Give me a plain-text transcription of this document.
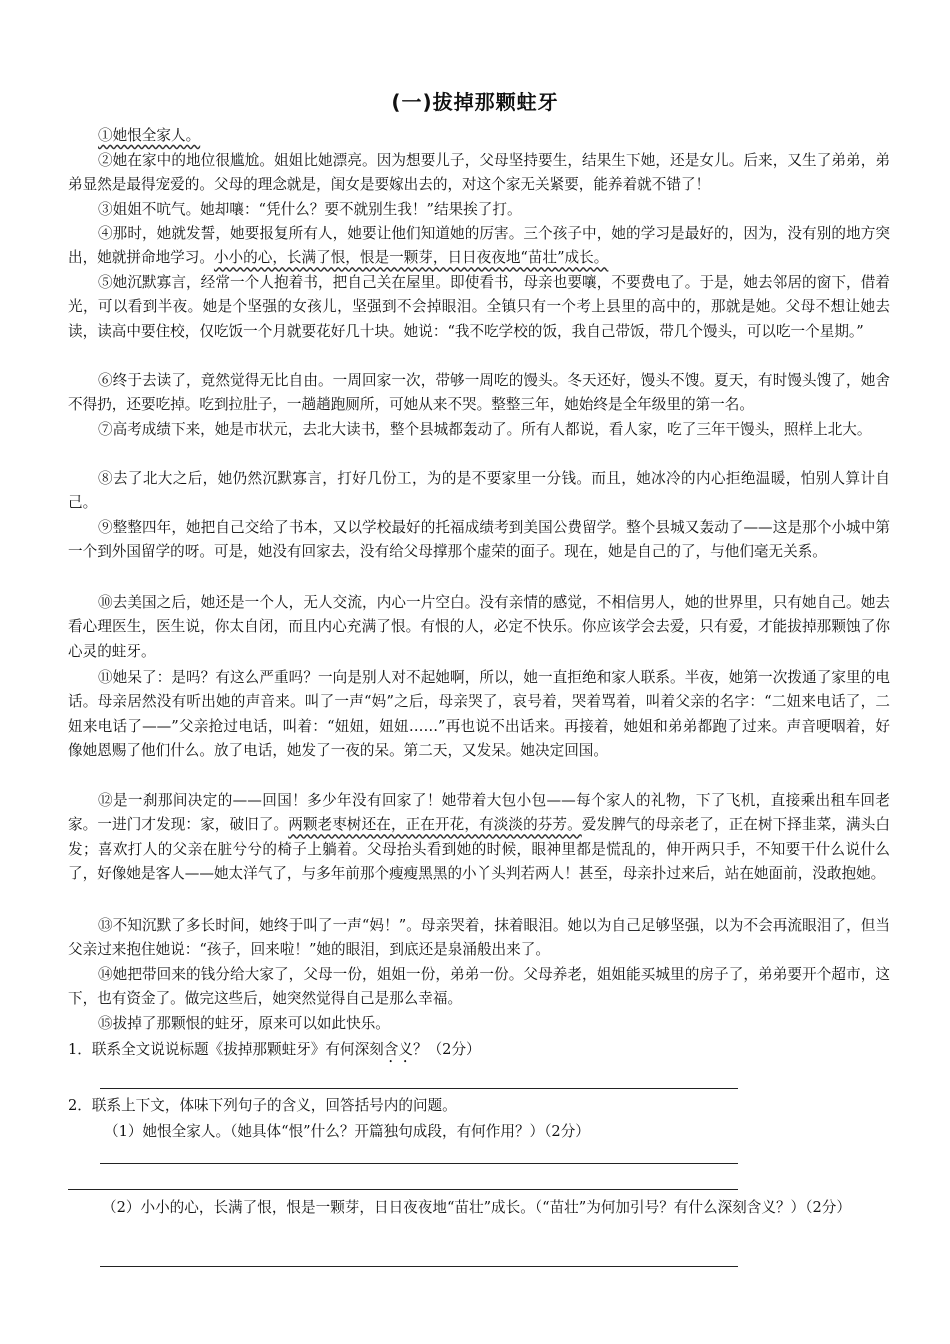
(一)拔掉那颗蛀牙
①她恨全家人。
②她在家中的地位很尴尬。姐姐比她漂亮。因为想要儿子，父母坚持要生，结果生下她，还是女儿。后来，又生了弟弟，弟弟显然是最得宠爱的。父母的理念就是，闺女是要嫁出去的，对这个家无关紧要，能养着就不错了！
③姐姐不吭气。她却嚷：“凭什么？要不就别生我！”结果挨了打。
④那时，她就发誓，她要报复所有人，她要让他们知道她的厉害。三个孩子中，她的学习是最好的，因为，没有别的地方突出，她就拼命地学习。小小的心，长满了恨，恨是一颗芽，日日夜夜地“苗壮”成长。
⑤她沉默寡言，经常一个人抱着书，把自己关在屋里。即使看书，母亲也要嚷，不要费电了。于是，她去邻居的窗下，借着光，可以看到半夜。她是个坚强的女孩儿，坚强到不会掉眼泪。全镇只有一个考上县里的高中的，那就是她。父母不想让她去读，读高中要住校，仅吃饭一个月就要花好几十块。她说：“我不吃学校的饭，我自己带饭，带几个馒头，可以吃一个星期。”
⑥终于去读了，竟然觉得无比自由。一周回家一次，带够一周吃的馒头。冬天还好，馒头不馊。夏天，有时馒头馊了，她舍不得扔，还要吃掉。吃到拉肚子，一趟趟跑厕所，可她从来不哭。整整三年，她始终是全年级里的第一名。
⑦高考成绩下来，她是市状元，去北大读书，整个县城都轰动了。所有人都说，看人家，吃了三年干馒头，照样上北大。
⑧去了北大之后，她仍然沉默寡言，打好几份工，为的是不要家里一分钱。而且，她冰冷的内心拒绝温暖，怕别人算计自己。
⑨整整四年，她把自己交给了书本，又以学校最好的托福成绩考到美国公费留学。整个县城又轰动了——这是那个小城中第一个到外国留学的呀。可是，她没有回家去，没有给父母撑那个虚荣的面子。现在，她是自己的了，与他们毫无关系。
⑩去美国之后，她还是一个人，无人交流，内心一片空白。没有亲情的感觉，不相信男人，她的世界里，只有她自己。她去看心理医生，医生说，你太自闭，而且内心充满了恨。有恨的人，必定不快乐。你应该学会去爱，只有爱，才能拔掉那颗蚀了你心灵的蛀牙。
⑪她呆了：是吗？有这么严重吗？一向是别人对不起她啊，所以，她一直拒绝和家人联系。半夜，她第一次拨通了家里的电话。母亲居然没有听出她的声音来。叫了一声“妈”之后，母亲哭了，哀号着，哭着骂着，叫着父亲的名字：“二妞来电话了，二妞来电话了——”父亲抢过电话，叫着：“妞妞，妞妞……”再也说不出话来。再接着，她姐和弟弟都跑了过来。声音哽咽着，好像她恩赐了他们什么。放了电话，她发了一夜的呆。第二天，又发呆。她决定回国。
⑫是一刹那间决定的——回国！多少年没有回家了！她带着大包小包——每个家人的礼物，下了飞机，直接乘出租车回老家。一进门才发现：家，破旧了。两颗老枣树还在，正在开花，有淡淡的芬芳。爱发脾气的母亲老了，正在树下择韭菜，满头白发；喜欢打人的父亲在脏兮兮的椅子上躺着。父母抬头看到她的时候，眼神里都是慌乱的，伸开两只手，不知要干什么说什么了，好像她是客人——她太洋气了，与多年前那个瘦瘦黑黑的小丫头判若两人！甚至，母亲扑过来后，站在她面前，没敢抱她。
⑬不知沉默了多长时间，她终于叫了一声“妈！”。母亲哭着，抹着眼泪。她以为自己足够坚强，以为不会再流眼泪了，但当父亲过来抱住她说：“孩子，回来啦！”她的眼泪，到底还是泉涌般出来了。
⑭她把带回来的钱分给大家了，父母一份，姐姐一份，弟弟一份。父母养老，姐姐能买城里的房子了，弟弟要开个超市，这下，也有资金了。做完这些后，她突然觉得自己是那么幸福。
⑮拔掉了那颗恨的蛀牙，原来可以如此快乐。
1．联系全文说说标题《拔掉那颗蛀牙》有何深刻含义？（2分）
2．联系上下文，体味下列句子的含义，回答括号内的问题。
（1）她恨全家人。（她具体“恨”什么？开篇独句成段，有何作用？）（2分）
（2）小小的心，长满了恨，恨是一颗芽，日日夜夜地“苗壮”成长。（“苗壮”为何加引号？有什么深刻含义？）（2分）
